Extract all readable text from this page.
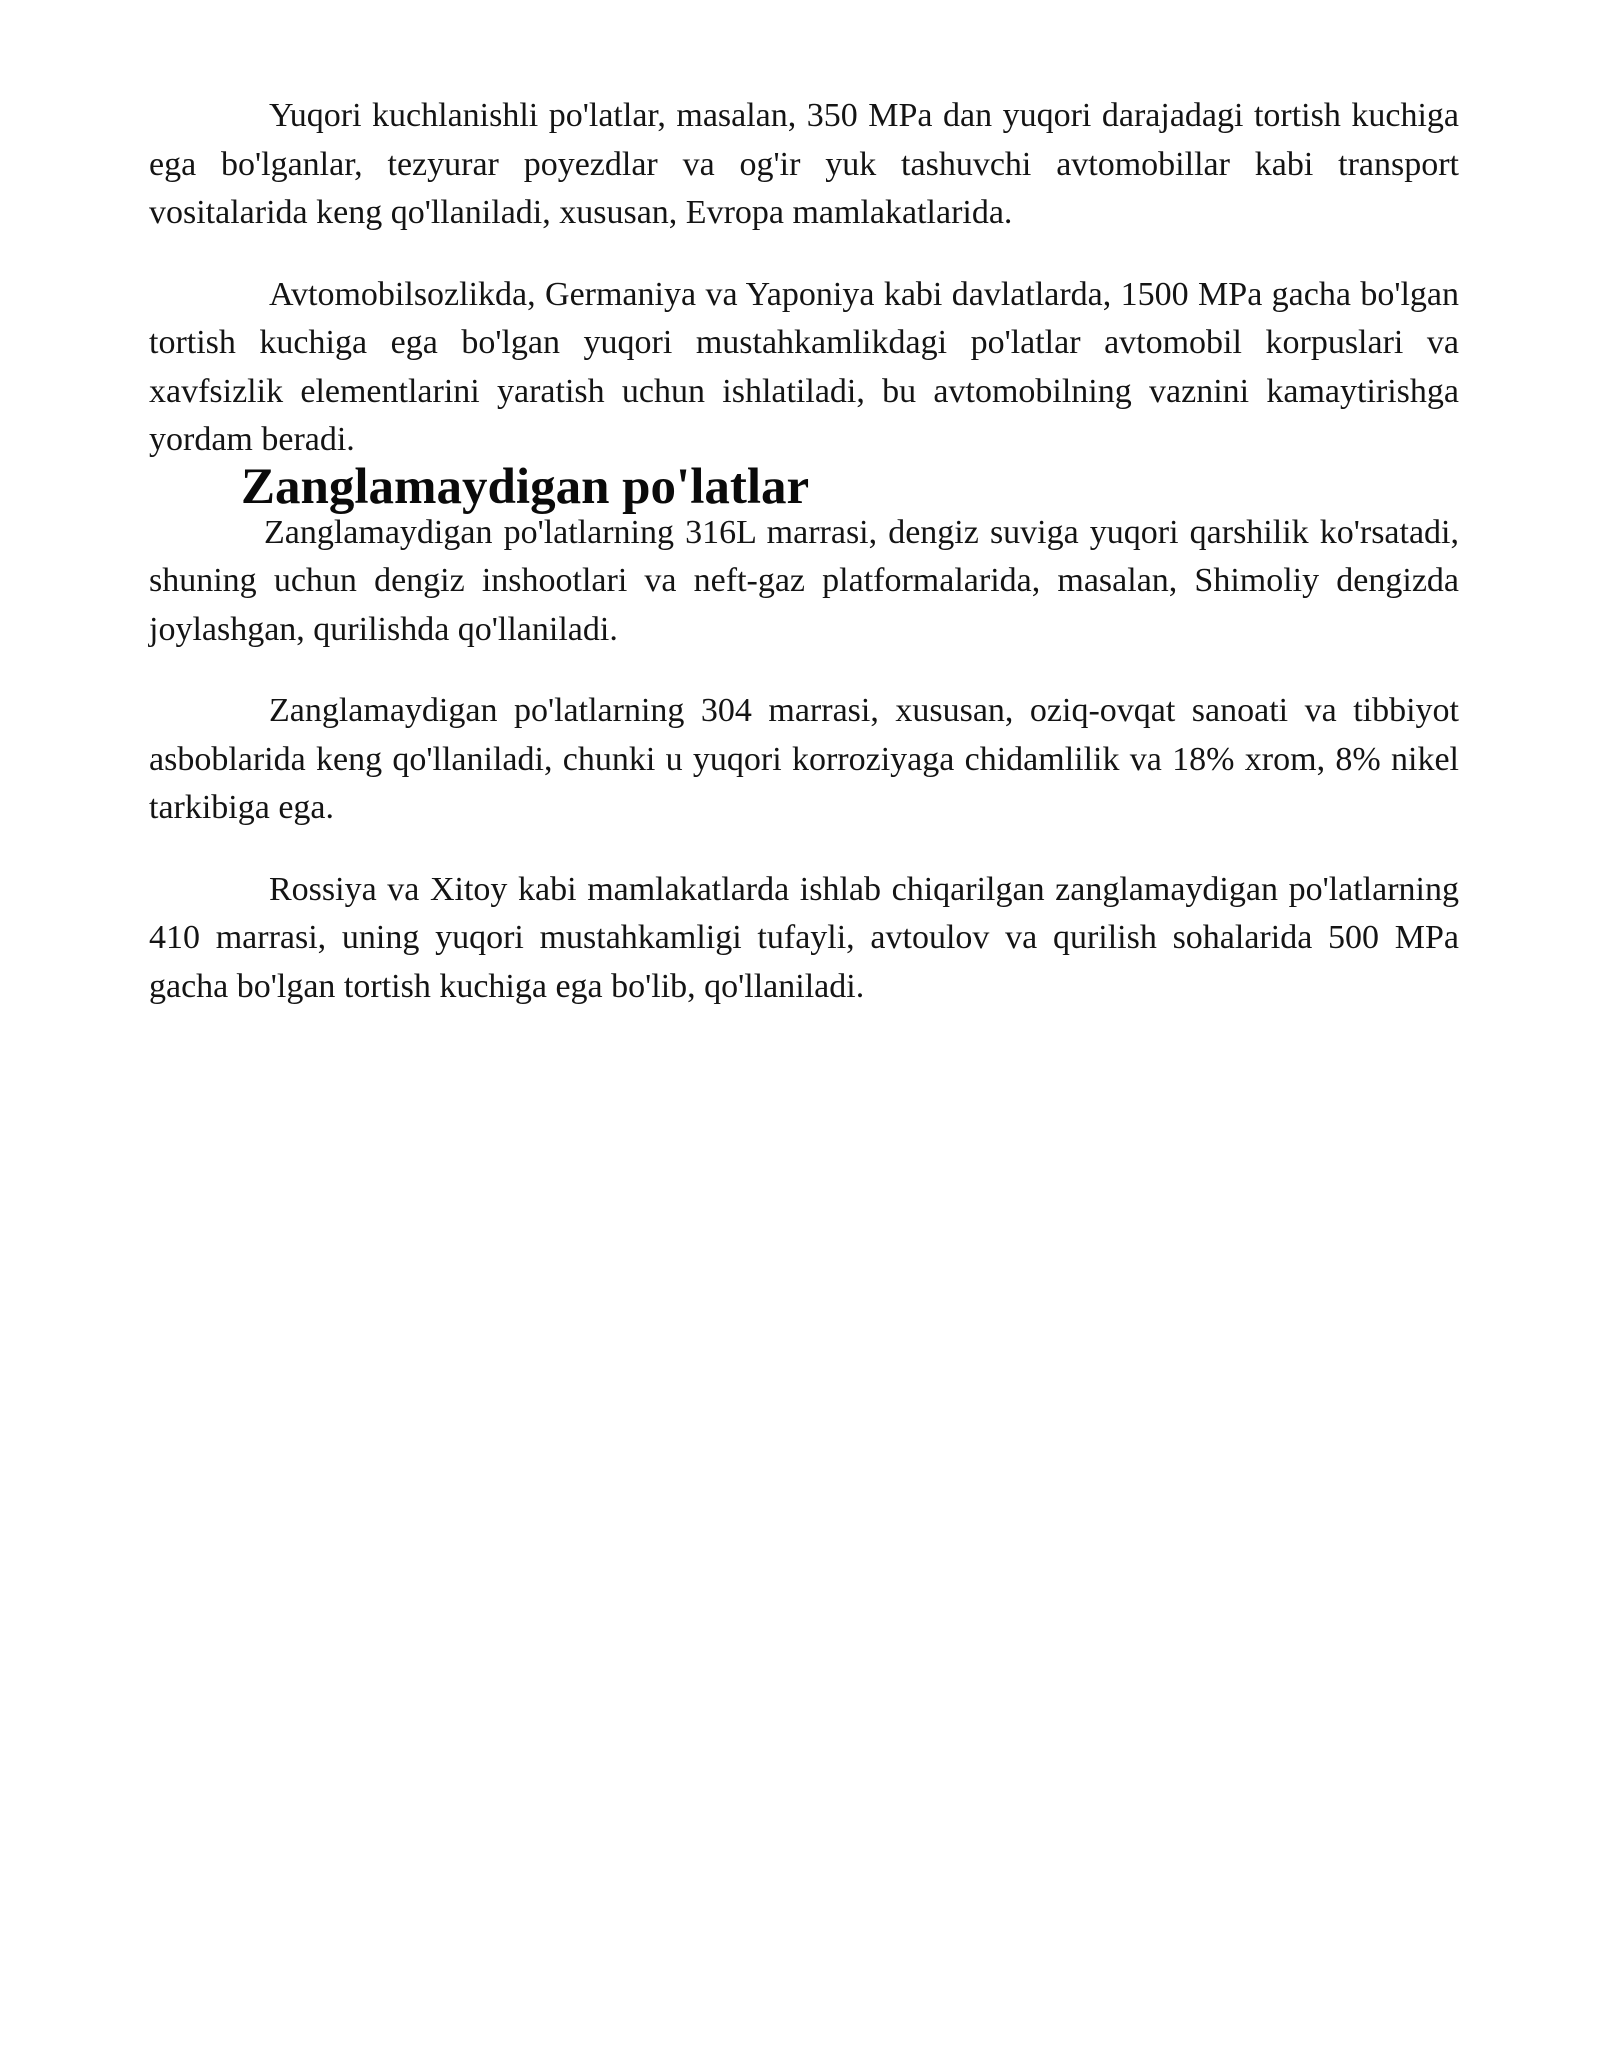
Yuqori kuchlanishli po'latlar, masalan, 350 MPa dan yuqori darajadagi tortish kuchiga ega bo'lganlar, tezyurar poyezdlar va og'ir yuk tashuvchi avtomobillar kabi transport vositalarida keng qo'llaniladi, xususan, Evropa mamlakatlarida.

Avtomobilsozlikda, Germaniya va Yaponiya kabi davlatlarda, 1500 MPa gacha bo'lgan tortish kuchiga ega bo'lgan yuqori mustahkamlikdagi po'latlar avtomobil korpuslari va xavfsizlik elementlarini yaratish uchun ishlatiladi, bu avtomobilning vaznini kamaytirishga yordam beradi.

Zanglamaydigan po'latlar

Zanglamaydigan po'latlarning 316L marrasi, dengiz suviga yuqori qarshilik ko'rsatadi, shuning uchun dengiz inshootlari va neft-gaz platformalarida, masalan, Shimoliy dengizda joylashgan, qurilishda qo'llaniladi.

Zanglamaydigan po'latlarning 304 marrasi, xususan, oziq-ovqat sanoati va tibbiyot asboblarida keng qo'llaniladi, chunki u yuqori korroziyaga chidamlilik va 18% xrom, 8% nikel tarkibiga ega.

Rossiya va Xitoy kabi mamlakatlarda ishlab chiqarilgan zanglamaydigan po'latlarning 410 marrasi, uning yuqori mustahkamligi tufayli, avtoulov va qurilish sohalarida 500 MPa gacha bo'lgan tortish kuchiga ega bo'lib, qo'llaniladi.
